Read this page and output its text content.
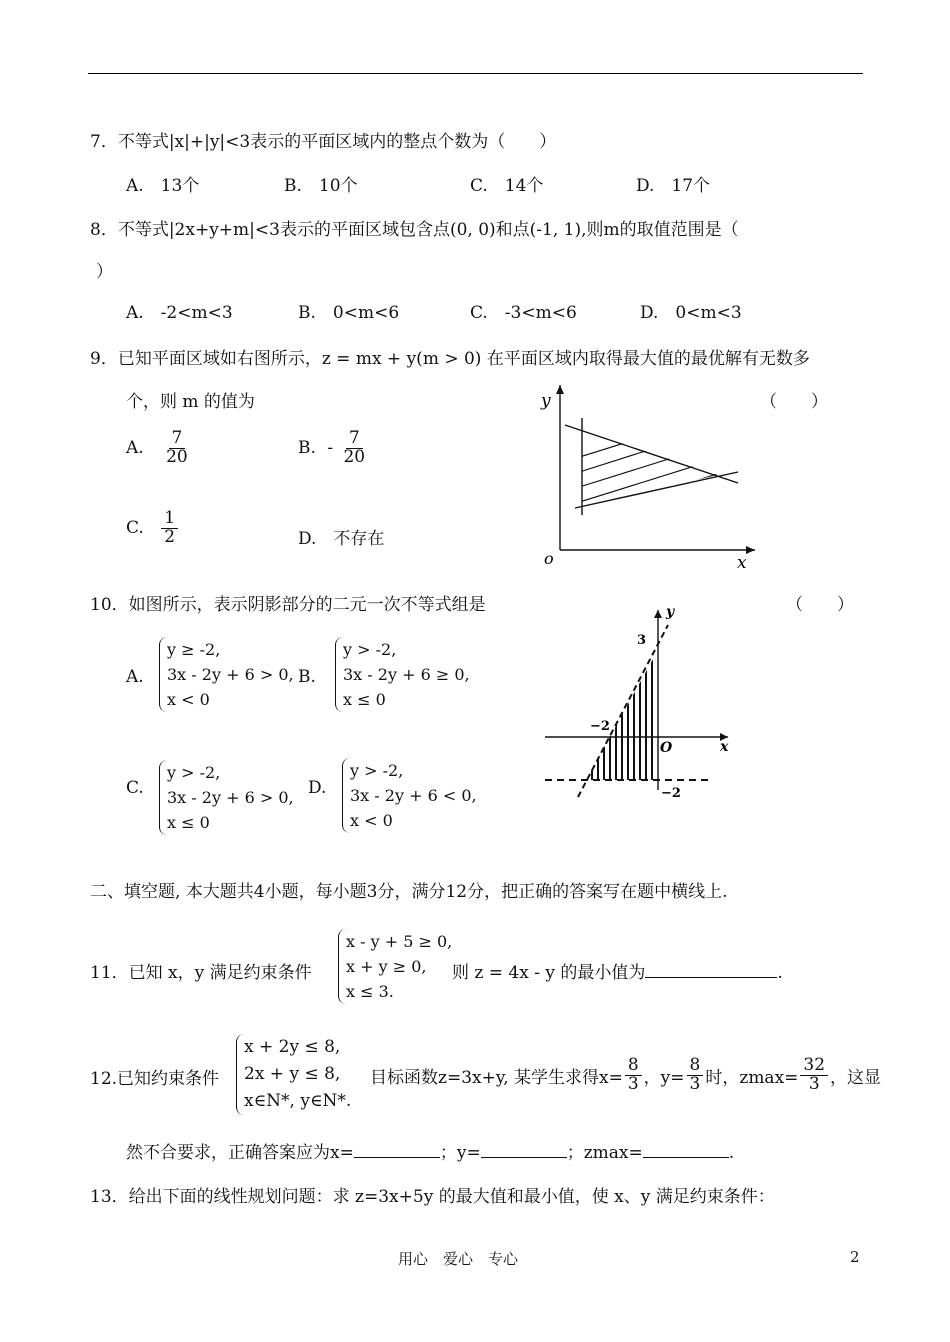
7．不等式|x|+|y|<3表示的平面区域内的整点个数为（　　）
A.　13个	B.　10个	C.　14个	D.　17个
8．不等式|2x+y+m|<3表示的平面区域包含点(0, 0)和点(-1, 1),则m的取值范围是（
）
A.　-2<m<3	B.　0<m<6	C.　-3<m<6	D.　0<m<3
9．已知平面区域如右图所示，z = mx + y(m > 0) 在平面区域内取得最大值的最优解有无数多
个，则 m 的值为	（　　）
A. $\frac{7}{20}$	B. - $\frac{7}{20}$
C. $\frac{1}{2}$	D.　不存在
y
x
o
10．如图所示，表示阴影部分的二元一次不等式组是	（　　）
A.
y ≥ -2,
3x - 2y + 6 > 0,
x < 0
B.
y > -2,
3x - 2y + 6 ≥ 0,
x ≤ 0
C.
y > -2,
3x - 2y + 6 > 0,
x ≤ 0
D.
y > -2,
3x - 2y + 6 < 0,
x < 0
y
x
O
3
−2
−2
二、填空题, 本大题共4小题，每小题3分，满分12分，把正确的答案写在题中横线上.
11．已知 x，y 满足约束条件
x - y + 5 ≥ 0,
x + y ≥ 0,
x ≤ 3.
则 z = 4x - y 的最小值为	.
12.已知约束条件
x + 2y ≤ 8,
2x + y ≤ 8,
x∈N*, y∈N*.
目标函数z=3x+y, 某学生求得$x= \frac{8}{3}$ ，$y= \frac{8}{3}$ 时，$zmax= \frac{32}{3}$ ，这显
然不合要求，正确答案应为x=	；y=	；zmax=	.
13．给出下面的线性规划问题：求 z=3x+5y 的最大值和最小值，使 x、y 满足约束条件：
用心　爱心　专心	2
